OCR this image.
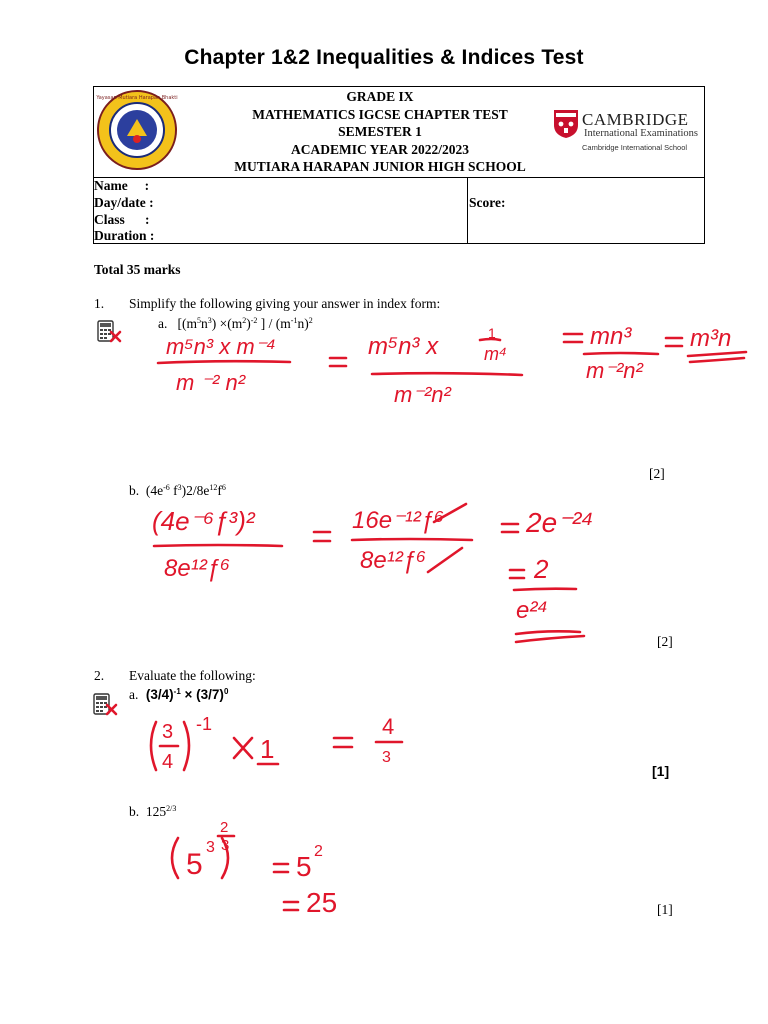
Chapter 1&2 Inequalities & Indices Test
Yayasan Mutiara Harapan Bhakti	GRADE IX
MATHEMATICS IGCSE CHAPTER TEST
SEMESTER 1
ACADEMIC YEAR 2022/2023
MUTIARA HARAPAN JUNIOR HIGH SCHOOL
CAMBRIDGE
International Examinations
Cambridge International School
Name     :
Day/date :
Class      :
Duration :
Score:
Total 35 marks
1. Simplify the following giving your answer in index form:
a.   [$(m^5n^3) \times(m^2)^{-2}$ ] / $(m^{-1}n)^2$
m⁵n³ x m⁻⁴
m ⁻² n²
m⁵n³ x	1
m⁴
m⁻²n²
mn³
m⁻²n²
m³n
[2]
b.  ($4e^{-6}$ $f^3)2/8e^{12}f^6$
(4e⁻⁶ƒ³)²
8e¹²ƒ⁶
16e⁻¹²ƒ⁶
8e¹²ƒ⁶
2e⁻²⁴
2
e²⁴
[2]
2. Evaluate the following:
a. $(3/4)^{-1} \times (3/7)^0$
3
4
-1
1
4
3
[1]
b.  $125^{2/3}$
5
3
2
3
5 2
25	[1]
